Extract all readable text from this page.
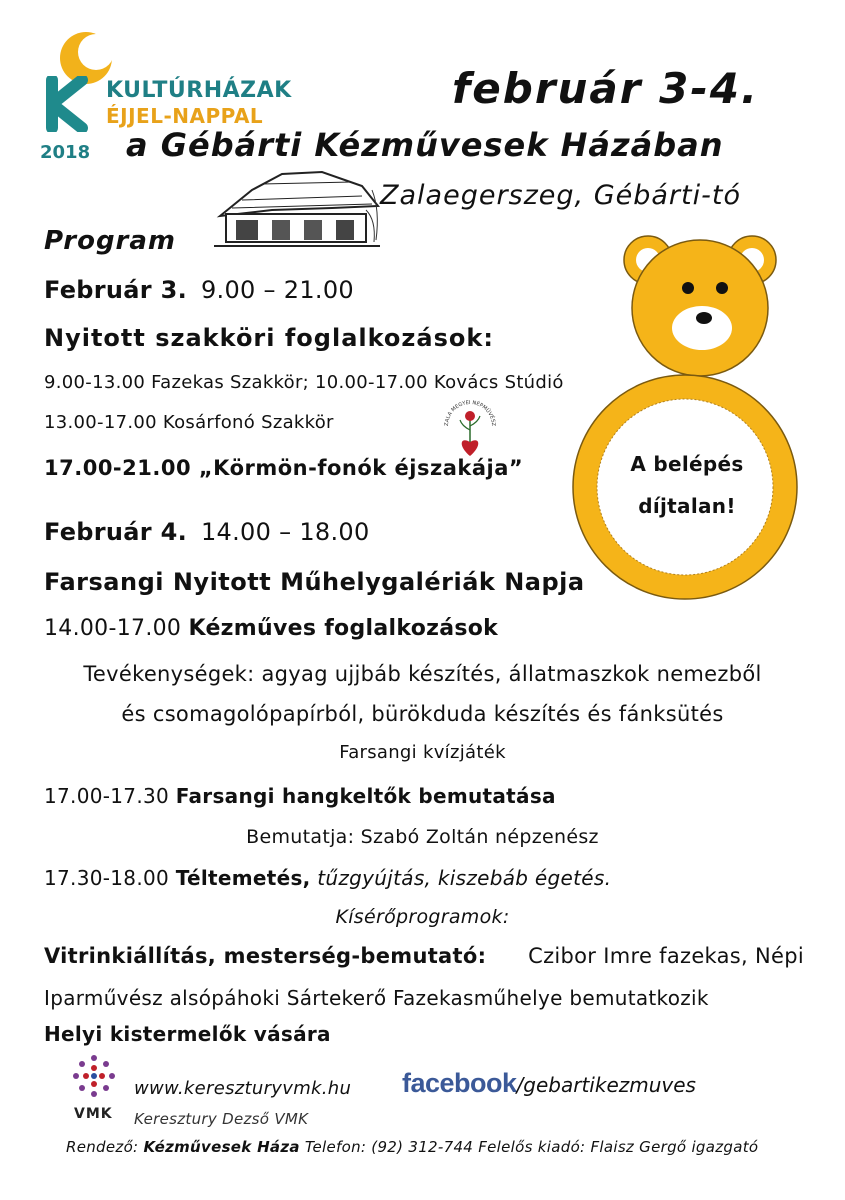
KULTÚRHÁZAK
ÉJJEL-NAPPAL
2018
február 3-4.
a Gébárti Kézművesek Házában
Zalaegerszeg, Gébárti-tó
Program
Február 3. 9.00 – 21.00
Nyitott szakköri foglalkozások:
9.00-13.00 Fazekas Szakkör; 10.00-17.00 Kovács Stúdió
13.00-17.00 Kosárfonó Szakkör
17.00-21.00 „Körmön-fonók éjszakája”
ZALA MEGYEI NÉPMŰVÉSZ
A belépés
díjtalan!
Február 4. 14.00 – 18.00
Farsangi Nyitott Műhelygalériák Napja
14.00-17.00 Kézműves foglalkozások
Tevékenységek: agyag ujjbáb készítés, állatmaszkok nemezből
és csomagolópapírból, bürökduda készítés és fánksütés
Farsangi kvízjáték
17.00-17.30 Farsangi hangkeltők bemutatása
Bemutatja: Szabó Zoltán népzenész
17.30-18.00 Téltemetés, tűzgyújtás, kiszebáb égetés.
Kísérőprogramok:
Vitrinkiállítás, mesterség-bemutató: Czibor Imre fazekas, Népi
Iparművész alsópáhoki Sártekerő Fazekasműhelye bemutatkozik
Helyi kistermelők vására
VMK
www.keresztury​vmk.hu
Keresztury Dezső VMK
facebook/gebartikezmuves
Rendező: Kézművesek Háza Telefon: (92) 312-744 Felelős kiadó: Flaisz Gergő igazgató
